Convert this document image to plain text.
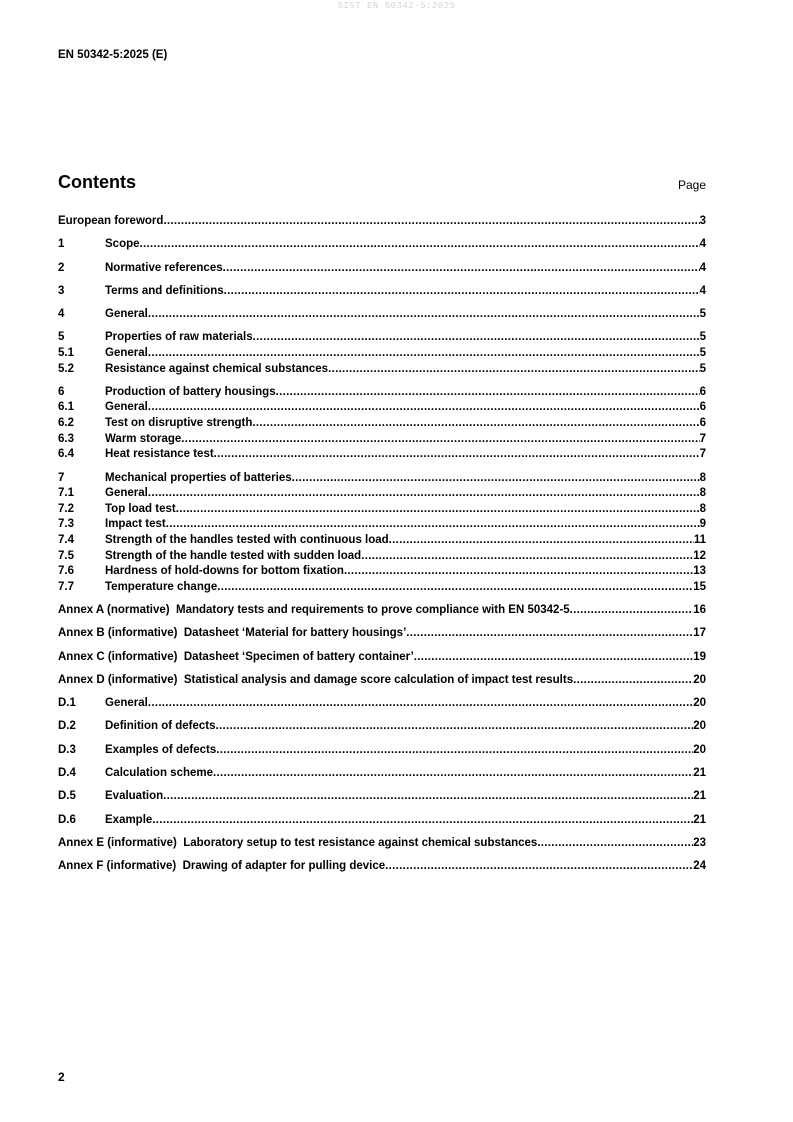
SIST EN 50342-5:2025
EN 50342-5:2025 (E)
Contents	Page
European foreword .....	3
1	Scope .....	4
2	Normative references .....	4
3	Terms and definitions .....	4
4	General .....	5
5	Properties of raw materials .....	5
5.1	General .....	5
5.2	Resistance against chemical substances .....	5
6	Production of battery housings .....	6
6.1	General .....	6
6.2	Test on disruptive strength .....	6
6.3	Warm storage .....	7
6.4	Heat resistance test .....	7
7	Mechanical properties of batteries .....	8
7.1	General .....	8
7.2	Top load test .....	8
7.3	Impact test .....	9
7.4	Strength of the handles tested with continuous load .....	11
7.5	Strength of the handle tested with sudden load .....	12
7.6	Hardness of hold-downs for bottom fixation .....	13
7.7	Temperature change .....	15
Annex A (normative)  Mandatory tests and requirements to prove compliance with EN 50342-5 .....	16
Annex B (informative)  Datasheet ‘Material for battery housings’ .....	17
Annex C (informative)  Datasheet ‘Specimen of battery container’ .....	19
Annex D (informative)  Statistical analysis and damage score calculation of impact test results .....	20
D.1	General .....	20
D.2	Definition of defects .....	20
D.3	Examples of defects .....	20
D.4	Calculation scheme .....	21
D.5	Evaluation .....	21
D.6	Example .....	21
Annex E (informative)  Laboratory setup to test resistance against chemical substances .....	23
Annex F (informative)  Drawing of adapter for pulling device .....	24
2
